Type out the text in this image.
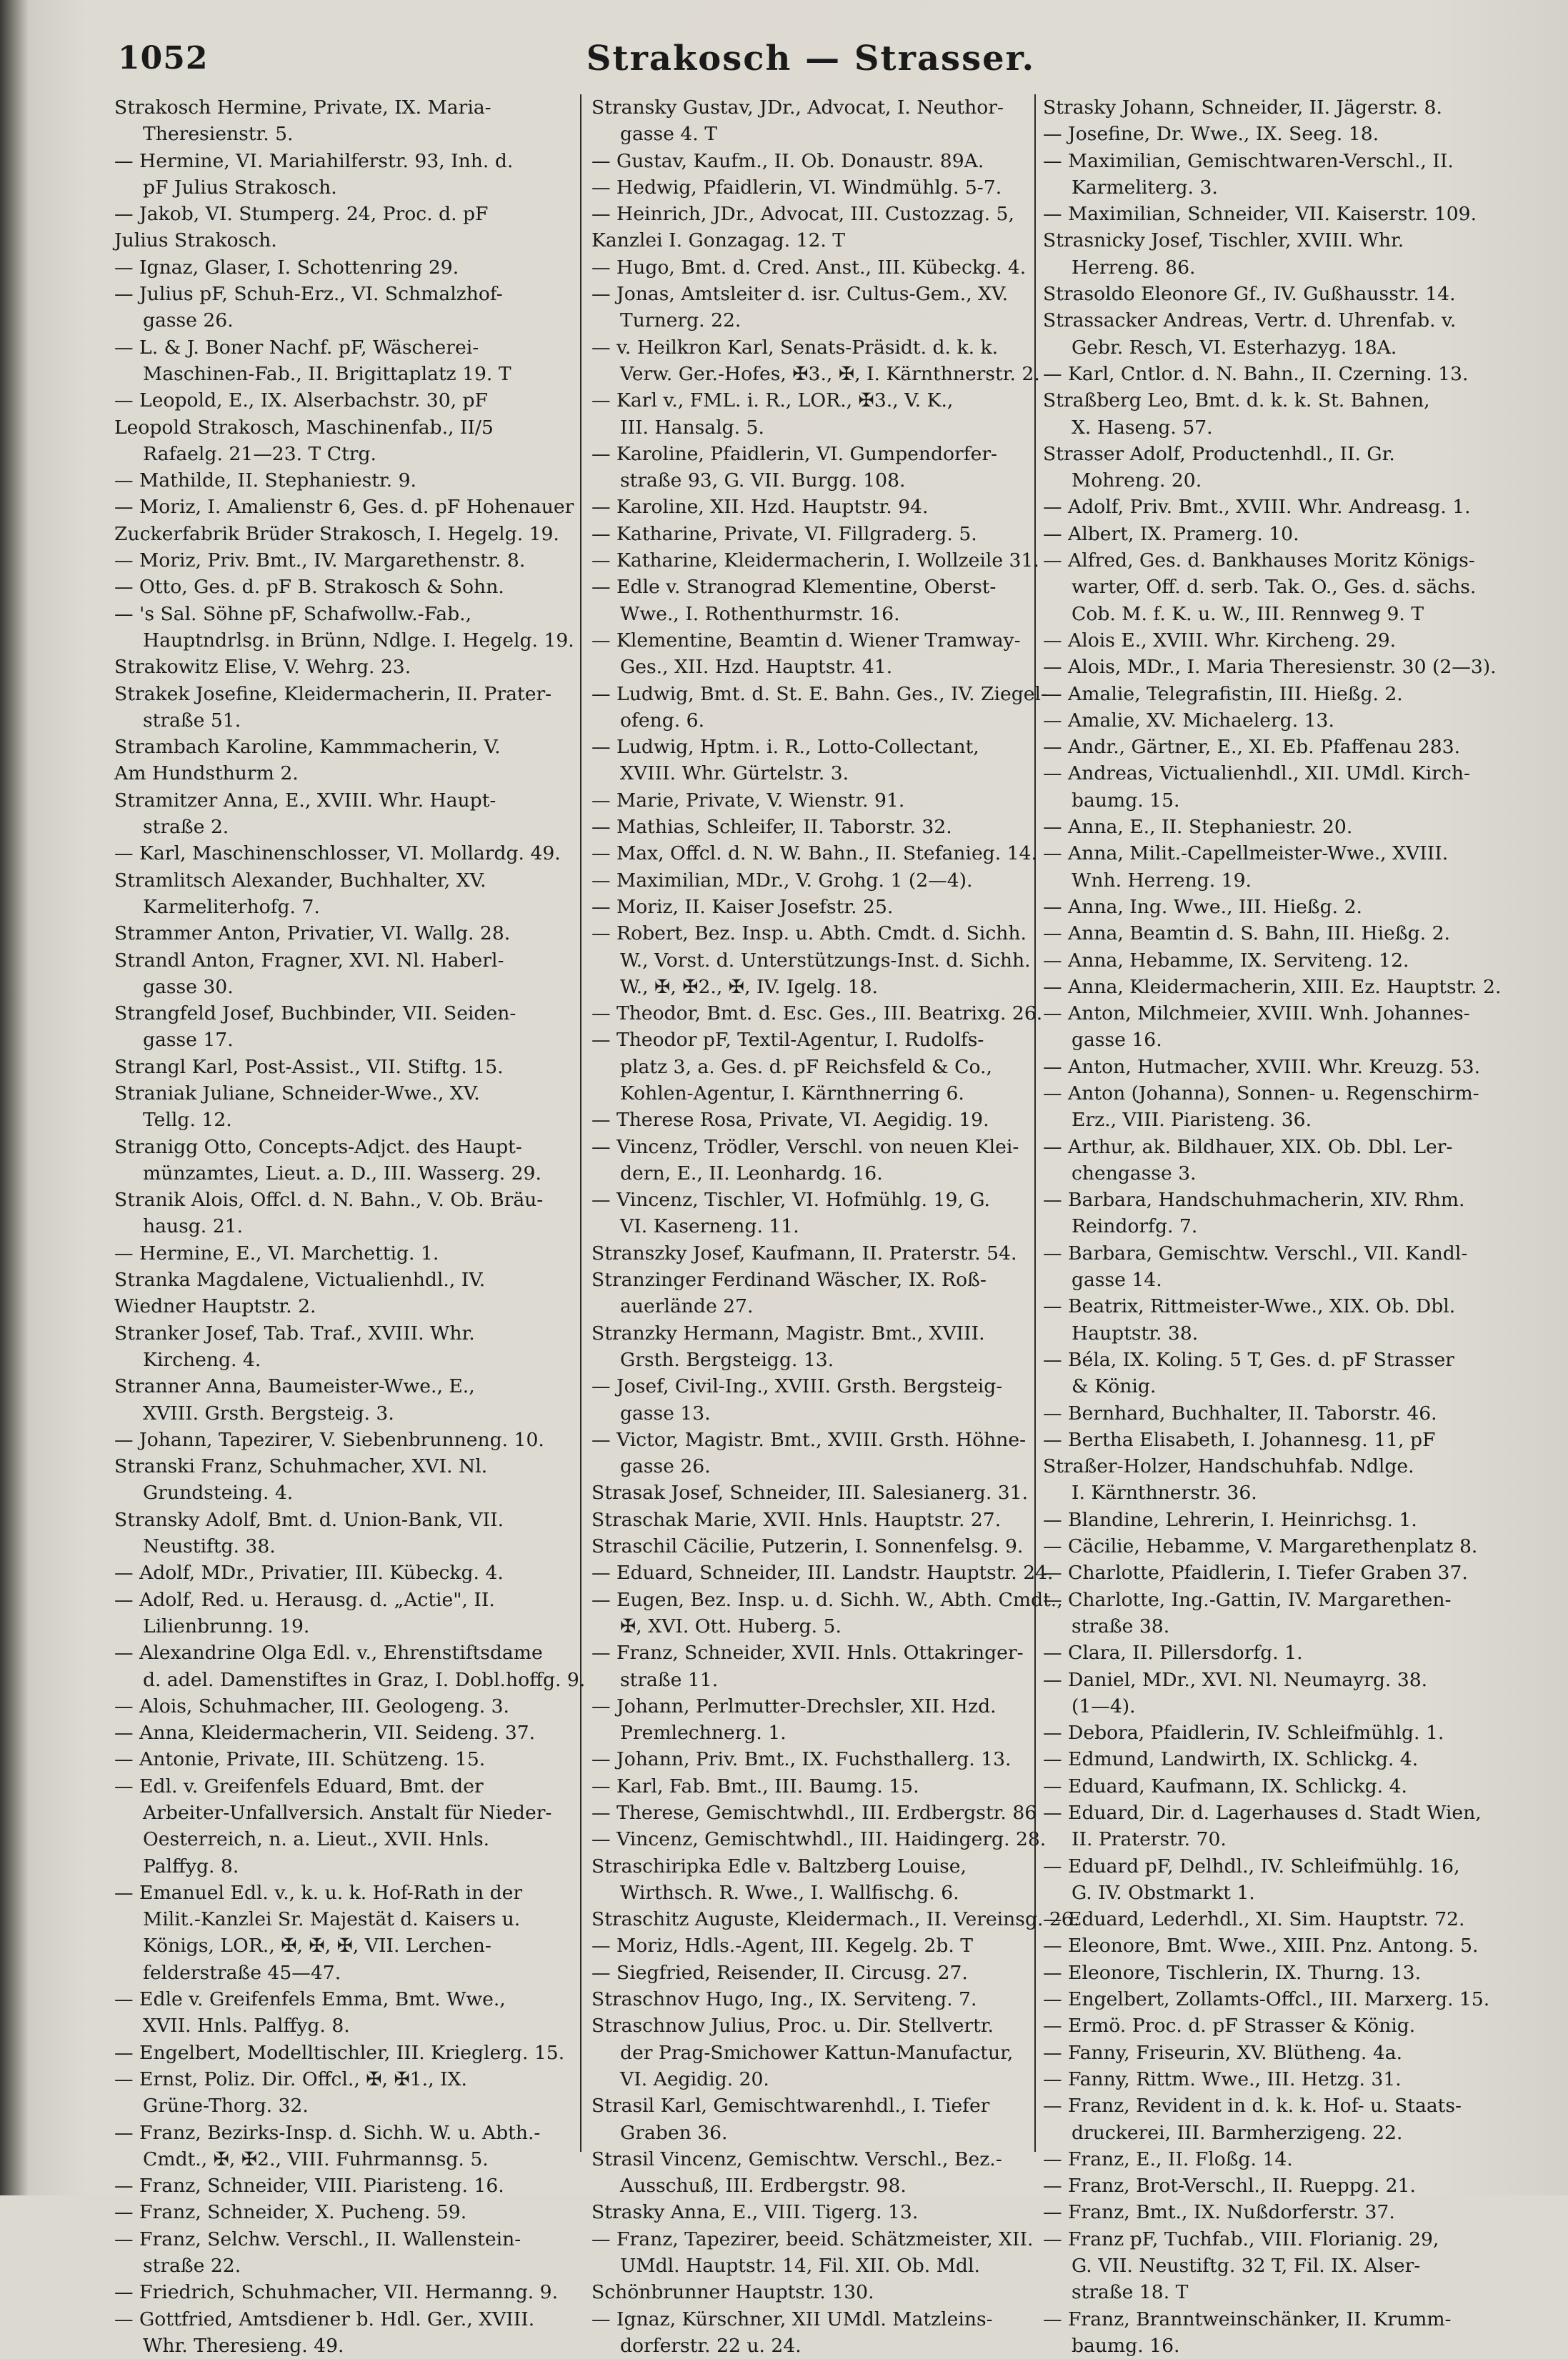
1052	Strakosch — Strasser.
Strakosch Hermine, Private, IX. Maria-
Theresienstr. 5.
— Hermine, VI. Mariahilferstr. 93, Inh. d.
pF Julius Strakosch.
— Jakob, VI. Stumperg. 24, Proc. d. pF
Julius Strakosch.
— Ignaz, Glaser, I. Schottenring 29.
— Julius pF, Schuh-Erz., VI. Schmalzhof-
gasse 26.
— L. & J. Boner Nachf. pF, Wäscherei-
Maschinen-Fab., II. Brigittaplatz 19. T
— Leopold, E., IX. Alserbachstr. 30, pF
Leopold Strakosch, Maschinenfab., II/5
Rafaelg. 21—23. T Ctrg.
— Mathilde, II. Stephaniestr. 9.
— Moriz, I. Amalienstr 6, Ges. d. pF Hohenauer
Zuckerfabrik Brüder Strakosch, I. Hegelg. 19.
— Moriz, Priv. Bmt., IV. Margarethenstr. 8.
— Otto, Ges. d. pF B. Strakosch & Sohn.
— 's Sal. Söhne pF, Schafwollw.-Fab.,
Hauptndrlsg. in Brünn, Ndlge. I. Hegelg. 19.
Strakowitz Elise, V. Wehrg. 23.
Strakek Josefine, Kleidermacherin, II. Prater-
straße 51.
Strambach Karoline, Kammmacherin, V.
Am Hundsthurm 2.
Stramitzer Anna, E., XVIII. Whr. Haupt-
straße 2.
— Karl, Maschinenschlosser, VI. Mollardg. 49.
Stramlitsch Alexander, Buchhalter, XV.
Karmeliterhofg. 7.
Strammer Anton, Privatier, VI. Wallg. 28.
Strandl Anton, Fragner, XVI. Nl. Haberl-
gasse 30.
Strangfeld Josef, Buchbinder, VII. Seiden-
gasse 17.
Strangl Karl, Post-Assist., VII. Stiftg. 15.
Straniak Juliane, Schneider-Wwe., XV.
Tellg. 12.
Stranigg Otto, Concepts-Adjct. des Haupt-
münzamtes, Lieut. a. D., III. Wasserg. 29.
Stranik Alois, Offcl. d. N. Bahn., V. Ob. Bräu-
hausg. 21.
— Hermine, E., VI. Marchettig. 1.
Stranka Magdalene, Victualienhdl., IV.
Wiedner Hauptstr. 2.
Stranker Josef, Tab. Traf., XVIII. Whr.
Kircheng. 4.
Stranner Anna, Baumeister-Wwe., E.,
XVIII. Grsth. Bergsteig. 3.
— Johann, Tapezirer, V. Siebenbrunneng. 10.
Stranski Franz, Schuhmacher, XVI. Nl.
Grundsteing. 4.
Stransky Adolf, Bmt. d. Union-Bank, VII.
Neustiftg. 38.
— Adolf, MDr., Privatier, III. Kübeckg. 4.
— Adolf, Red. u. Herausg. d. „Actie", II.
Lilienbrunng. 19.
— Alexandrine Olga Edl. v., Ehrenstiftsdame
d. adel. Damenstiftes in Graz, I. Dobl.hoffg. 9.
— Alois, Schuhmacher, III. Geologeng. 3.
— Anna, Kleidermacherin, VII. Seideng. 37.
— Antonie, Private, III. Schützeng. 15.
— Edl. v. Greifenfels Eduard, Bmt. der
Arbeiter-Unfallversich. Anstalt für Nieder-
Oesterreich, n. a. Lieut., XVII. Hnls.
Palffyg. 8.
— Emanuel Edl. v., k. u. k. Hof-Rath in der
Milit.-Kanzlei Sr. Majestät d. Kaisers u.
Königs, LOR., ✠, ✠, ✠, VII. Lerchen-
felderstraße 45—47.
— Edle v. Greifenfels Emma, Bmt. Wwe.,
XVII. Hnls. Palffyg. 8.
— Engelbert, Modelltischler, III. Krieglerg. 15.
— Ernst, Poliz. Dir. Offcl., ✠, ✠1., IX.
Grüne-Thorg. 32.
— Franz, Bezirks-Insp. d. Sichh. W. u. Abth.-
Cmdt., ✠, ✠2., VIII. Fuhrmannsg. 5.
— Franz, Schneider, VIII. Piaristeng. 16.
— Franz, Schneider, X. Pucheng. 59.
— Franz, Selchw. Verschl., II. Wallenstein-
straße 22.
— Friedrich, Schuhmacher, VII. Hermanng. 9.
— Gottfried, Amtsdiener b. Hdl. Ger., XVIII.
Whr. Theresieng. 49.
Stransky Gustav, JDr., Advocat, I. Neuthor-
gasse 4. T
— Gustav, Kaufm., II. Ob. Donaustr. 89A.
— Hedwig, Pfaidlerin, VI. Windmühlg. 5-7.
— Heinrich, JDr., Advocat, III. Custozzag. 5,
Kanzlei I. Gonzagag. 12. T
— Hugo, Bmt. d. Cred. Anst., III. Kübeckg. 4.
— Jonas, Amtsleiter d. isr. Cultus-Gem., XV.
Turnerg. 22.
— v. Heilkron Karl, Senats-Präsidt. d. k. k.
Verw. Ger.-Hofes, ✠3., ✠, I. Kärnthnerstr. 2.
— Karl v., FML. i. R., LOR., ✠3., V. K.,
III. Hansalg. 5.
— Karoline, Pfaidlerin, VI. Gumpendorfer-
straße 93, G. VII. Burgg. 108.
— Karoline, XII. Hzd. Hauptstr. 94.
— Katharine, Private, VI. Fillgraderg. 5.
— Katharine, Kleidermacherin, I. Wollzeile 31.
— Edle v. Stranograd Klementine, Oberst-
Wwe., I. Rothenthurmstr. 16.
— Klementine, Beamtin d. Wiener Tramway-
Ges., XII. Hzd. Hauptstr. 41.
— Ludwig, Bmt. d. St. E. Bahn. Ges., IV. Ziegel-
ofeng. 6.
— Ludwig, Hptm. i. R., Lotto-Collectant,
XVIII. Whr. Gürtelstr. 3.
— Marie, Private, V. Wienstr. 91.
— Mathias, Schleifer, II. Taborstr. 32.
— Max, Offcl. d. N. W. Bahn., II. Stefanieg. 14.
— Maximilian, MDr., V. Grohg. 1 (2—4).
— Moriz, II. Kaiser Josefstr. 25.
— Robert, Bez. Insp. u. Abth. Cmdt. d. Sichh.
W., Vorst. d. Unterstützungs-Inst. d. Sichh.
W., ✠, ✠2., ✠, IV. Igelg. 18.
— Theodor, Bmt. d. Esc. Ges., III. Beatrixg. 26.
— Theodor pF, Textil-Agentur, I. Rudolfs-
platz 3, a. Ges. d. pF Reichsfeld & Co.,
Kohlen-Agentur, I. Kärnthnerring 6.
— Therese Rosa, Private, VI. Aegidig. 19.
— Vincenz, Trödler, Verschl. von neuen Klei-
dern, E., II. Leonhardg. 16.
— Vincenz, Tischler, VI. Hofmühlg. 19, G.
VI. Kaserneng. 11.
Stranszky Josef, Kaufmann, II. Praterstr. 54.
Stranzinger Ferdinand Wäscher, IX. Roß-
auerlände 27.
Stranzky Hermann, Magistr. Bmt., XVIII.
Grsth. Bergsteigg. 13.
— Josef, Civil-Ing., XVIII. Grsth. Bergsteig-
gasse 13.
— Victor, Magistr. Bmt., XVIII. Grsth. Höhne-
gasse 26.
Strasak Josef, Schneider, III. Salesianerg. 31.
Straschak Marie, XVII. Hnls. Hauptstr. 27.
Straschil Cäcilie, Putzerin, I. Sonnenfelsg. 9.
— Eduard, Schneider, III. Landstr. Hauptstr. 24.
— Eugen, Bez. Insp. u. d. Sichh. W., Abth. Cmdt.,
✠, XVI. Ott. Huberg. 5.
— Franz, Schneider, XVII. Hnls. Ottakringer-
straße 11.
— Johann, Perlmutter-Drechsler, XII. Hzd.
Premlechnerg. 1.
— Johann, Priv. Bmt., IX. Fuchsthallerg. 13.
— Karl, Fab. Bmt., III. Baumg. 15.
— Therese, Gemischtwhdl., III. Erdbergstr. 86
— Vincenz, Gemischtwhdl., III. Haidingerg. 28.
Straschiripka Edle v. Baltzberg Louise,
Wirthsch. R. Wwe., I. Wallfischg. 6.
Straschitz Auguste, Kleidermach., II. Vereinsg. 26.
— Moriz, Hdls.-Agent, III. Kegelg. 2b. T
— Siegfried, Reisender, II. Circusg. 27.
Straschnov Hugo, Ing., IX. Serviteng. 7.
Straschnow Julius, Proc. u. Dir. Stellvertr.
der Prag-Smichower Kattun-Manufactur,
VI. Aegidig. 20.
Strasil Karl, Gemischtwarenhdl., I. Tiefer
Graben 36.
Strasil Vincenz, Gemischtw. Verschl., Bez.-
Ausschuß, III. Erdbergstr. 98.
Strasky Anna, E., VIII. Tigerg. 13.
— Franz, Tapezirer, beeid. Schätzmeister, XII.
UMdl. Hauptstr. 14, Fil. XII. Ob. Mdl.
Schönbrunner Hauptstr. 130.
— Ignaz, Kürschner, XII UMdl. Matzleins-
dorferstr. 22 u. 24.
Strasky Johann, Schneider, II. Jägerstr. 8.
— Josefine, Dr. Wwe., IX. Seeg. 18.
— Maximilian, Gemischtwaren-Verschl., II.
Karmeliterg. 3.
— Maximilian, Schneider, VII. Kaiserstr. 109.
Strasnicky Josef, Tischler, XVIII. Whr.
Herreng. 86.
Strasoldo Eleonore Gf., IV. Gußhausstr. 14.
Strassacker Andreas, Vertr. d. Uhrenfab. v.
Gebr. Resch, VI. Esterhazyg. 18A.
— Karl, Cntlor. d. N. Bahn., II. Czerning. 13.
Straßberg Leo, Bmt. d. k. k. St. Bahnen,
X. Haseng. 57.
Strasser Adolf, Productenhdl., II. Gr.
Mohreng. 20.
— Adolf, Priv. Bmt., XVIII. Whr. Andreasg. 1.
— Albert, IX. Pramerg. 10.
— Alfred, Ges. d. Bankhauses Moritz Königs-
warter, Off. d. serb. Tak. O., Ges. d. sächs.
Cob. M. f. K. u. W., III. Rennweg 9. T
— Alois E., XVIII. Whr. Kircheng. 29.
— Alois, MDr., I. Maria Theresienstr. 30 (2—3).
— Amalie, Telegrafistin, III. Hießg. 2.
— Amalie, XV. Michaelerg. 13.
— Andr., Gärtner, E., XI. Eb. Pfaffenau 283.
— Andreas, Victualienhdl., XII. UMdl. Kirch-
baumg. 15.
— Anna, E., II. Stephaniestr. 20.
— Anna, Milit.-Capellmeister-Wwe., XVIII.
Wnh. Herreng. 19.
— Anna, Ing. Wwe., III. Hießg. 2.
— Anna, Beamtin d. S. Bahn, III. Hießg. 2.
— Anna, Hebamme, IX. Serviteng. 12.
— Anna, Kleidermacherin, XIII. Ez. Hauptstr. 2.
— Anton, Milchmeier, XVIII. Wnh. Johannes-
gasse 16.
— Anton, Hutmacher, XVIII. Whr. Kreuzg. 53.
— Anton (Johanna), Sonnen- u. Regenschirm-
Erz., VIII. Piaristeng. 36.
— Arthur, ak. Bildhauer, XIX. Ob. Dbl. Ler-
chengasse 3.
— Barbara, Handschuhmacherin, XIV. Rhm.
Reindorfg. 7.
— Barbara, Gemischtw. Verschl., VII. Kandl-
gasse 14.
— Beatrix, Rittmeister-Wwe., XIX. Ob. Dbl.
Hauptstr. 38.
— Béla, IX. Koling. 5 T, Ges. d. pF Strasser
& König.
— Bernhard, Buchhalter, II. Taborstr. 46.
— Bertha Elisabeth, I. Johannesg. 11, pF
Straßer-Holzer, Handschuhfab. Ndlge.
I. Kärnthnerstr. 36.
— Blandine, Lehrerin, I. Heinrichsg. 1.
— Cäcilie, Hebamme, V. Margarethenplatz 8.
— Charlotte, Pfaidlerin, I. Tiefer Graben 37.
— Charlotte, Ing.-Gattin, IV. Margarethen-
straße 38.
— Clara, II. Pillersdorfg. 1.
— Daniel, MDr., XVI. Nl. Neumayrg. 38.
(1—4).
— Debora, Pfaidlerin, IV. Schleifmühlg. 1.
— Edmund, Landwirth, IX. Schlickg. 4.
— Eduard, Kaufmann, IX. Schlickg. 4.
— Eduard, Dir. d. Lagerhauses d. Stadt Wien,
II. Praterstr. 70.
— Eduard pF, Delhdl., IV. Schleifmühlg. 16,
G. IV. Obstmarkt 1.
— Eduard, Lederhdl., XI. Sim. Hauptstr. 72.
— Eleonore, Bmt. Wwe., XIII. Pnz. Antong. 5.
— Eleonore, Tischlerin, IX. Thurng. 13.
— Engelbert, Zollamts-Offcl., III. Marxerg. 15.
— Ermö. Proc. d. pF Strasser & König.
— Fanny, Friseurin, XV. Blütheng. 4a.
— Fanny, Rittm. Wwe., III. Hetzg. 31.
— Franz, Revident in d. k. k. Hof- u. Staats-
druckerei, III. Barmherzigeng. 22.
— Franz, E., II. Floßg. 14.
— Franz, Brot-Verschl., II. Rueppg. 21.
— Franz, Bmt., IX. Nußdorferstr. 37.
— Franz pF, Tuchfab., VIII. Florianig. 29,
G. VII. Neustiftg. 32 T, Fil. IX. Alser-
straße 18. T
— Franz, Branntweinschänker, II. Krumm-
baumg. 16.
